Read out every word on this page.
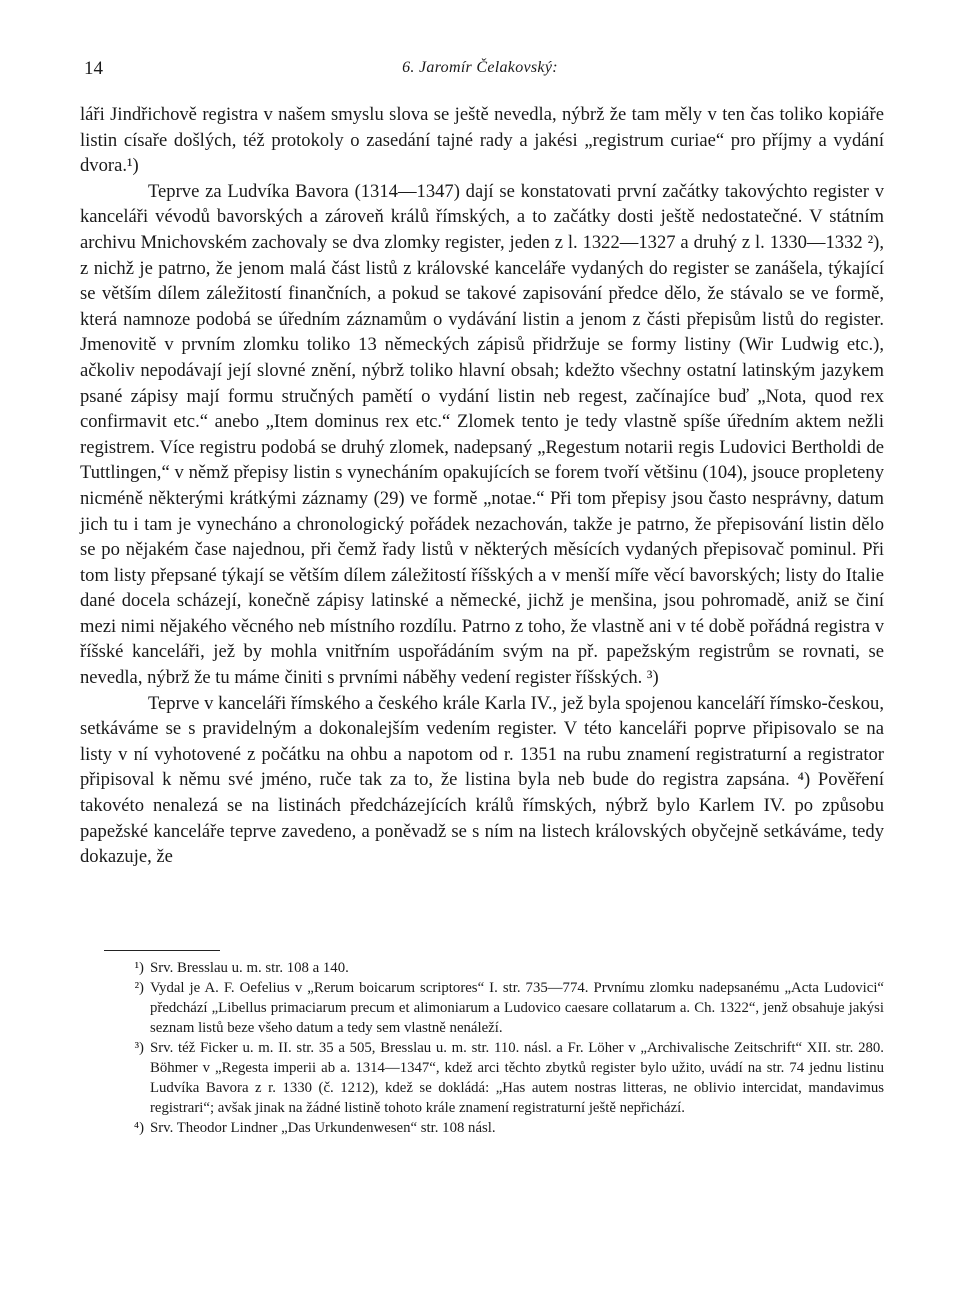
14	6. Jaromír Čelakovský:

láři Jindřichově registra v našem smyslu slova se ještě nevedla, nýbrž že tam měly v ten čas toliko kopiáře listin císaře došlých, též protokoly o zasedání tajné rady a jakési „registrum curiae“ pro příjmy a vydání dvora.¹)

Teprve za Ludvíka Bavora (1314—1347) dají se konstatovati první začátky takovýchto register v kanceláři vévodů bavorských a zároveň králů římských, a to začátky dosti ještě nedostatečné. V státním archivu Mnichovském zachovaly se dva zlomky register, jeden z l. 1322—1327 a druhý z l. 1330—1332 ²), z nichž je patrno, že jenom malá část listů z královské kanceláře vydaných do register se zanášela, týkající se větším dílem záležitostí finančních, a pokud se takové zapisování předce dělo, že stávalo se ve formě, která namnoze podobá se úředním záznamům o vydávání listin a jenom z části přepisům listů do register. Jmenovitě v prvním zlomku toliko 13 německých zápisů přidržuje se formy listiny (Wir Ludwig etc.), ačkoliv nepodávají její slovné znění, nýbrž toliko hlavní obsah; kdežto všechny ostatní latinským jazykem psané zápisy mají formu stručných pamětí o vydání listin neb regest, začínajíce buď „Nota, quod rex confirmavit etc.“ anebo „Item dominus rex etc.“ Zlomek tento je tedy vlastně spíše úředním aktem nežli registrem. Více registru podobá se druhý zlomek, nadepsaný „Regestum notarii regis Ludovici Bertholdi de Tuttlingen,“ v němž přepisy listin s vynecháním opakujících se forem tvoří většinu (104), jsouce propleteny nicméně některými krátkými záznamy (29) ve formě „notae.“ Při tom přepisy jsou často nesprávny, datum jich tu i tam je vynecháno a chronologický pořádek nezachován, takže je patrno, že přepisování listin dělo se po nějakém čase najednou, při čemž řady listů v některých měsících vydaných přepisovač pominul. Při tom listy přepsané týkají se větším dílem záležitostí říšských a v menší míře věcí bavorských; listy do Italie dané docela scházejí, konečně zápisy latinské a německé, jichž je menšina, jsou pohromadě, aniž se činí mezi nimi nějakého věcného neb místního rozdílu. Patrno z toho, že vlastně ani v té době pořádná registra v říšské kanceláři, jež by mohla vnitřním uspořádáním svým na př. papežským registrům se rovnati, se nevedla, nýbrž že tu máme činiti s prvními náběhy vedení register říšských. ³)

Teprve v kanceláři římského a českého krále Karla IV., jež byla spojenou kanceláří římsko-českou, setkáváme se s pravidelným a dokonalejším vedením register. V této kanceláři poprve připisovalo se na listy v ní vyhotovené z počátku na ohbu a napotom od r. 1351 na rubu znamení registraturní a registrator připisoval k němu své jméno, ruče tak za to, že listina byla neb bude do registra zapsána. ⁴) Pověření takovéto nenalezá se na listinách předcházejících králů římských, nýbrž bylo Karlem IV. po způsobu papežské kanceláře teprve zavedeno, a poněvadž se s ním na listech královských obyčejně setkáváme, tedy dokazuje, že

¹) Srv. Bresslau u. m. str. 108 a 140.
²) Vydal je A. F. Oefelius v „Rerum boicarum scriptores“ I. str. 735—774. Prvnímu zlomku nadepsanému „Acta Ludovici“ předchází „Libellus primaciarum precum et alimoniarum a Ludovico caesare collatarum a. Ch. 1322“, jenž obsahuje jakýsi seznam listů beze všeho datum a tedy sem vlastně nenáleží.
³) Srv. též Ficker u. m. II. str. 35 a 505, Bresslau u. m. str. 110. násl. a Fr. Löher v „Archivalische Zeitschrift“ XII. str. 280. Böhmer v „Regesta imperii ab a. 1314—1347“, kdež arci těchto zbytků register bylo užito, uvádí na str. 74 jednu listinu Ludvíka Bavora z r. 1330 (č. 1212), kdež se dokládá: „Has autem nostras litteras, ne oblivio intercidat, mandavimus registrari“; avšak jinak na žádné listině tohoto krále znamení registraturní ještě nepřichází.
⁴) Srv. Theodor Lindner „Das Urkundenwesen“ str. 108 násl.
